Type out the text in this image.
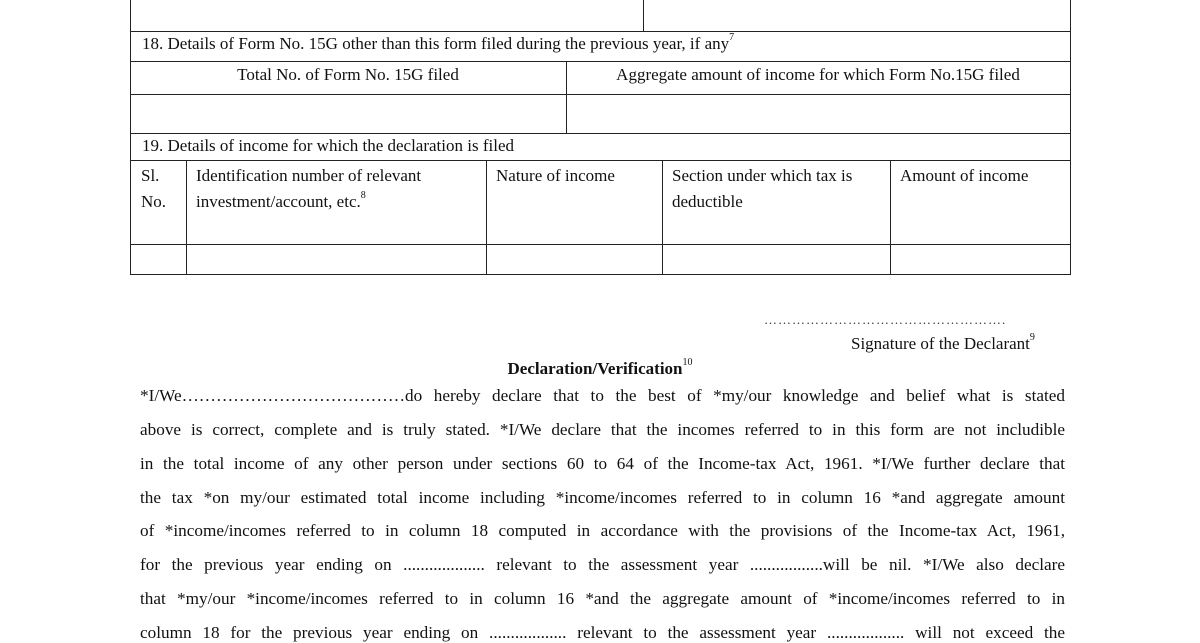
18. Details of Form No. 15G other than this form filed during the previous year, if any$^7$
Total No. of Form No. 15G filed	Aggregate amount of income for which Form No.15G filed
19. Details of income for which the declaration is filed
Sl.
No.
Identification number of relevant
investment/account, etc.$^8$
Nature of income	Section under which tax is
deductible
Amount of income
…………………………………………….
Signature of the Declarant$^9$
Declaration/Verification$^{10}$
*I/We…………………………………do hereby declare that to the best of *my/our knowledge and belief what is stated
above is correct, complete and is truly stated. *I/We declare that the incomes referred to in this form are not includible
in the total income of any other person under sections 60 to 64 of the Income-tax Act, 1961. *I/We further declare that
the tax *on my/our estimated total income including *income/incomes referred to in column 16 *and aggregate amount
of *income/incomes referred to in column 18 computed in accordance with the provisions of the Income-tax Act, 1961,
for the previous year ending on ................... relevant to the assessment year .................will be nil. *I/We also declare
that *my/our *income/incomes referred to in column 16 *and the aggregate amount of *income/incomes referred to in
column 18 for the previous year ending on .................. relevant to the assessment year .................. will not exceed the
